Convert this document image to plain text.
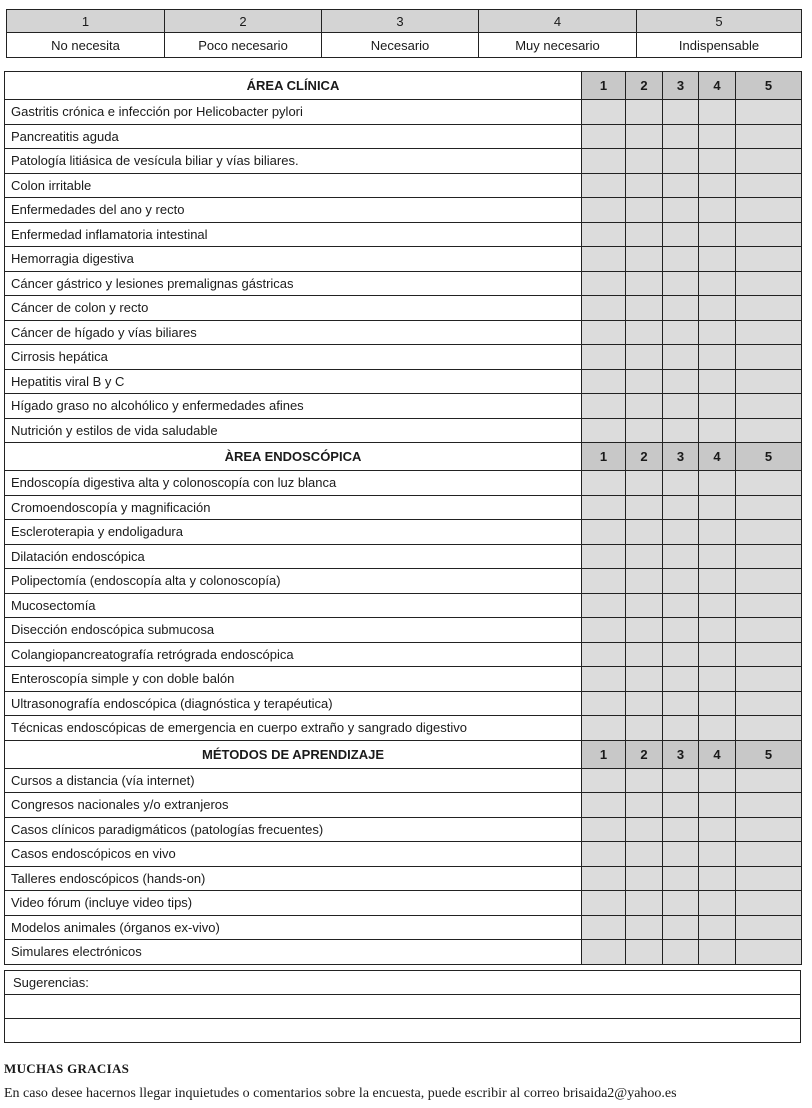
1	2	3	4	5
No necesita	Poco necesario	Necesario	Muy necesario	Indispensable
ÁREA CLÍNICA	1	2	3	4	5
Gastritis crónica e infección por Helicobacter pylori					
Pancreatitis aguda					
Patología litiásica de vesícula biliar y vías biliares.					
Colon irritable					
Enfermedades del ano y recto					
Enfermedad inflamatoria intestinal					
Hemorragia digestiva					
Cáncer gástrico y lesiones premalignas gástricas					
Cáncer de colon y recto					
Cáncer de hígado y vías biliares					
Cirrosis hepática					
Hepatitis viral B y C					
Hígado graso no alcohólico y enfermedades afines					
Nutrición y estilos de vida saludable					
ÀREA ENDOSCÓPICA	1	2	3	4	5
Endoscopía digestiva alta y colonoscopía con luz blanca					
Cromoendoscopía y magnificación					
Escleroterapia y endoligadura					
Dilatación endoscópica					
Polipectomía (endoscopía alta y colonoscopía)					
Mucosectomía					
Disección endoscópica submucosa					
Colangiopancreatografía retrógrada endoscópica					
Enteroscopía simple y con doble balón					
Ultrasonografía endoscópica (diagnóstica y terapéutica)					
Técnicas endoscópicas de emergencia en cuerpo extraño y sangrado digestivo					
MÉTODOS DE APRENDIZAJE	1	2	3	4	5
Cursos a distancia (vía internet)					
Congresos nacionales y/o extranjeros					
Casos clínicos paradigmáticos (patologías frecuentes)					
Casos endoscópicos en vivo					
Talleres endoscópicos (hands-on)					
Video fórum (incluye video tips)					
Modelos animales (órganos ex-vivo)					
Simulares electrónicos					
Sugerencias:

MUCHAS GRACIAS
En caso desee hacernos llegar inquietudes o comentarios sobre la encuesta, puede escribir al correo brisaida2@yahoo.es
